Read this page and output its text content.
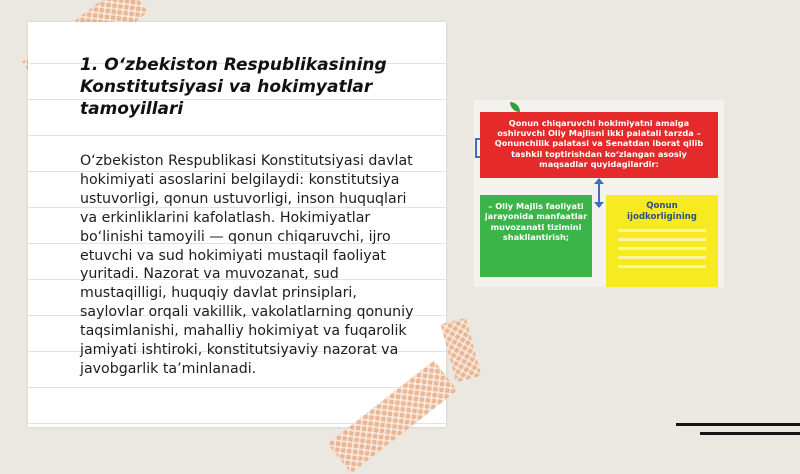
1. O‘zbekiston Respublikasining Konstitutsiyasi va hokimyatlar tamoyillari

O‘zbekiston Respublikasi Konstitutsiyasi davlat hokimiyati asoslarini belgilaydi: konstitutsiya ustuvorligi, qonun ustuvorligi, inson huquqlari va erkinliklarini kafolatlash. Hokimiyatlar bo‘linishi tamoyili — qonun chiqaruvchi, ijro etuvchi va sud hokimiyati mustaqil faoliyat yuritadi. Nazorat va muvozanat, sud mustaqilligi, huquqiy davlat prinsiplari, saylovlar orqali vakillik, vakolatlarning qonuniy taqsimlanishi, mahalliy hokimiyat va fuqarolik jamiyati ishtiroki, konstitutsiyaviy nazorat va javobgarlik ta’minlanadi.

Qonun chiqaruvchi hokimiyatni amalga oshiruvchi Oliy Majlisni ikki palatali tarzda – Qonunchilik palatasi va Senatdan iborat qilib tashkil toptirishdan ko‘zlangan asosiy maqsadlar quyidagilardir:
– Oliy Majlis faoliyati jarayonida manfaatlar muvozanati tizimini shakllantirish;
Qonun ijodkorligining
